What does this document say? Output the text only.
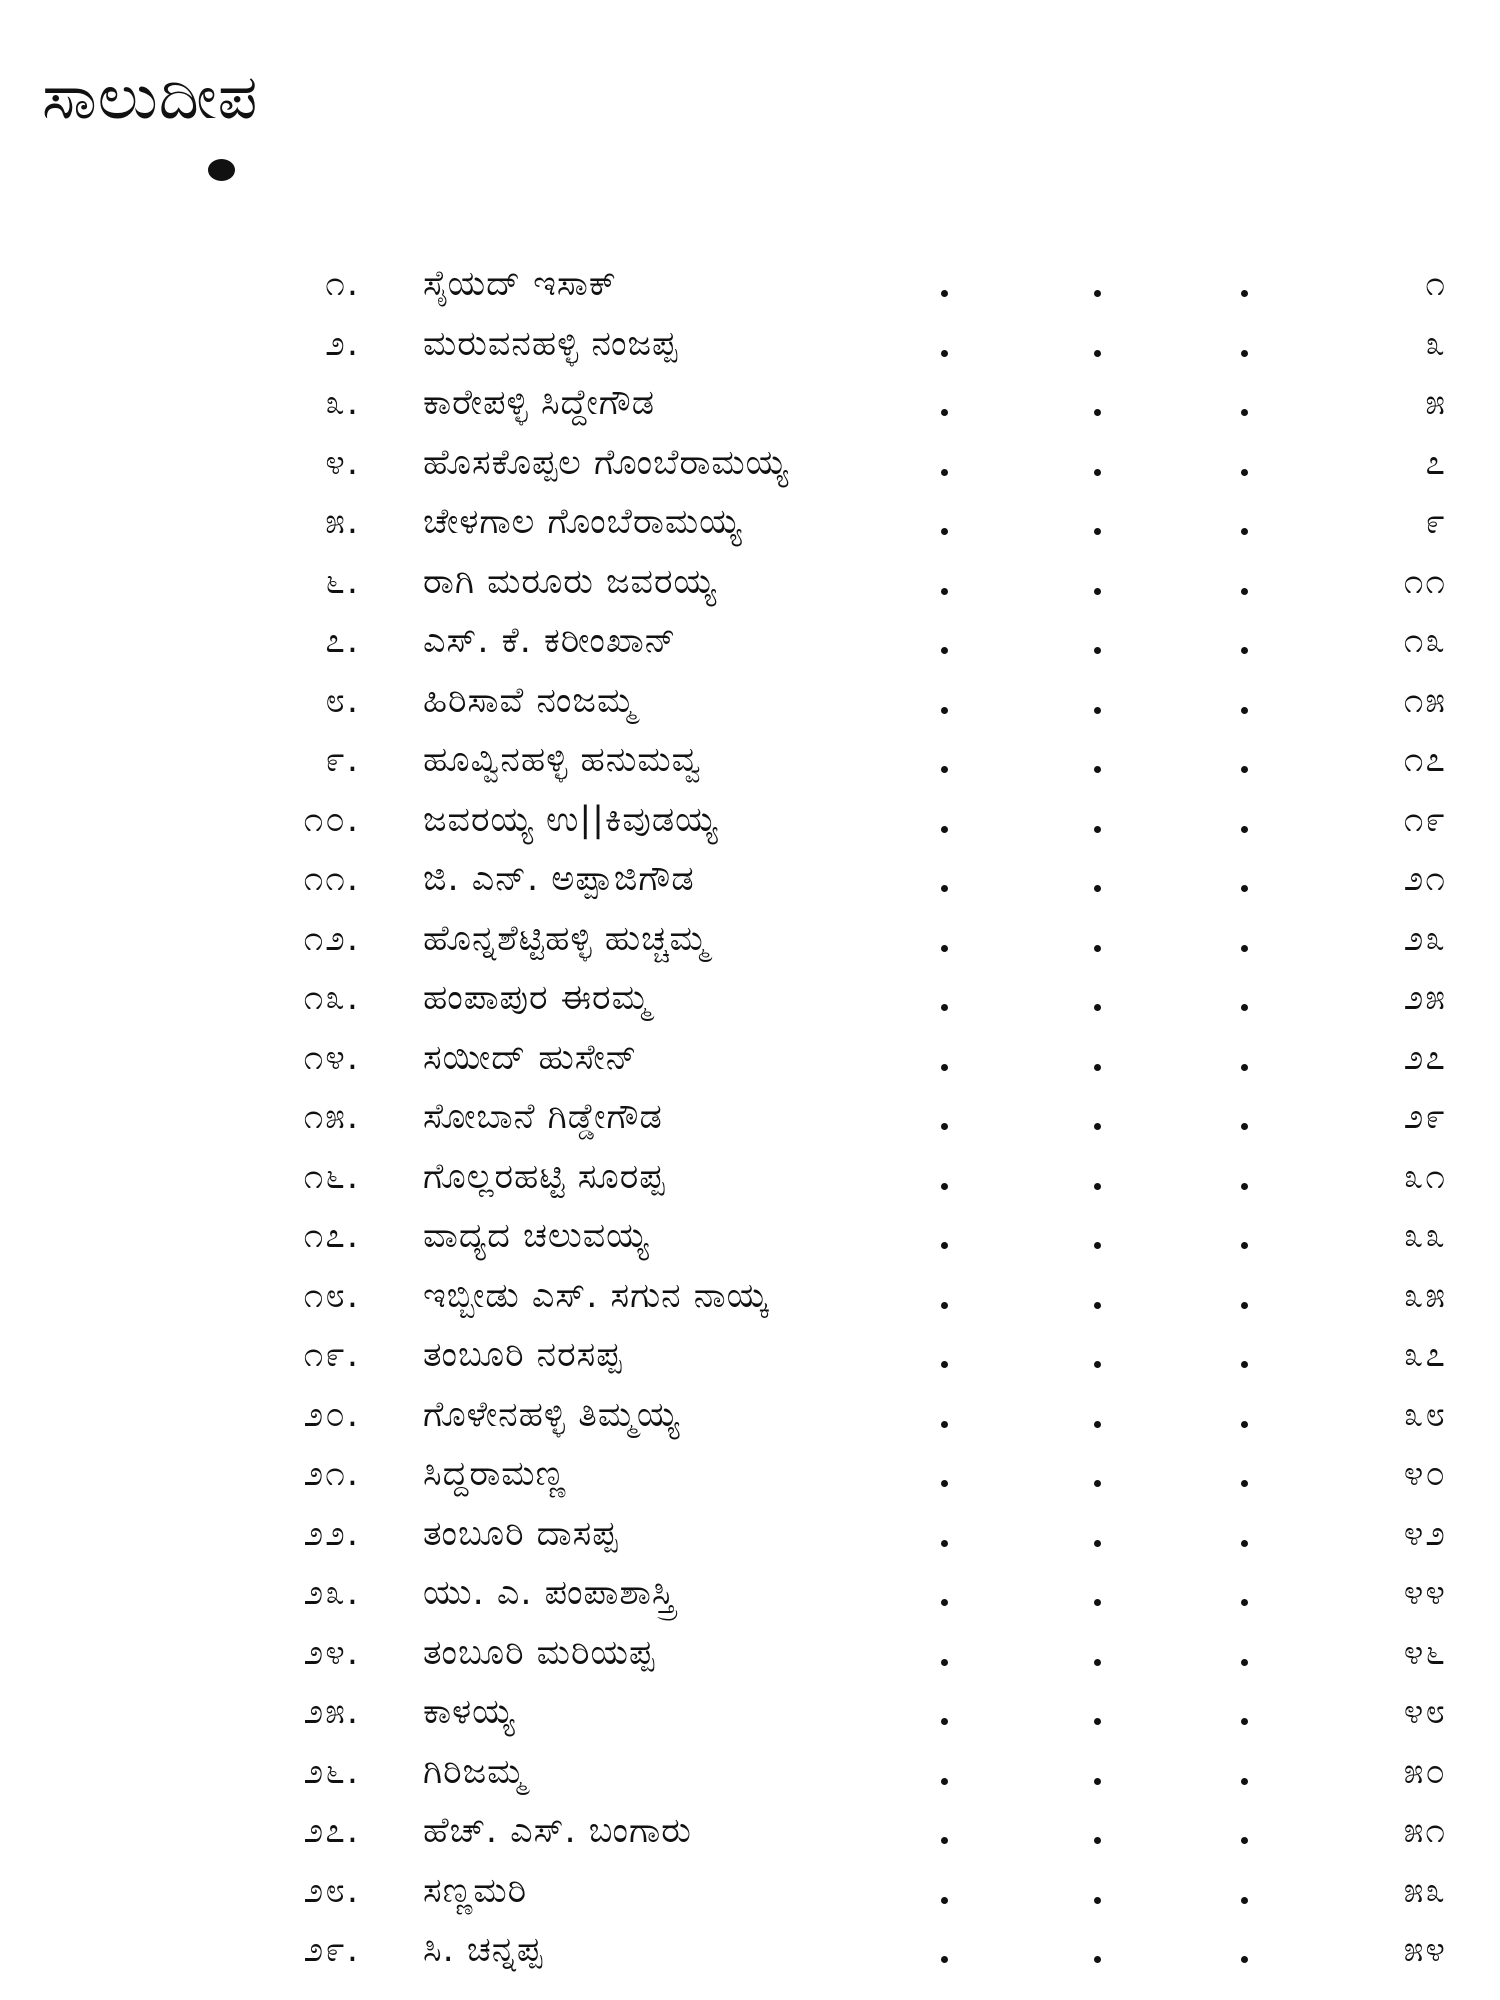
ಸಾಲುದೀಪ
೧. ಸೈಯದ್ ಇಸಾಕ್	೧
೨. ಮರುವನಹಳ್ಳಿ ನಂಜಪ್ಪ	೩
೩. ಕಾರೇಪಳ್ಳಿ ಸಿದ್ದೇಗೌಡ	೫
೪. ಹೊಸಕೊಪ್ಪಲ ಗೊಂಬೆರಾಮಯ್ಯ	೭
೫. ಚೇಳಗಾಲ ಗೊಂಬೆರಾಮಯ್ಯ	೯
೬. ರಾಗಿ ಮರೂರು ಜವರಯ್ಯ	೧೧
೭. ಎಸ್. ಕೆ. ಕರೀಂಖಾನ್	೧೩
೮. ಹಿರಿಸಾವೆ ನಂಜಮ್ಮ	೧೫
೯. ಹೂವ್ವಿನಹಳ್ಳಿ ಹನುಮವ್ವ	೧೭
೧೦. ಜವರಯ್ಯ ಉ||ಕಿವುಡಯ್ಯ	೧೯
೧೧. ಜಿ. ಎನ್. ಅಪ್ಪಾಜಿಗೌಡ	೨೧
೧೨. ಹೊನ್ನಶೆಟ್ಟಿಹಳ್ಳಿ ಹುಚ್ಚಮ್ಮ	೨೩
೧೩. ಹಂಪಾಪುರ ಈರಮ್ಮ	೨೫
೧೪. ಸಯೀದ್ ಹುಸೇನ್	೨೭
೧೫. ಸೋಬಾನೆ ಗಿಡ್ಡೇಗೌಡ	೨೯
೧೬. ಗೊಲ್ಲರಹಟ್ಟಿ ಸೂರಪ್ಪ	೩೧
೧೭. ವಾದ್ಯದ ಚಲುವಯ್ಯ	೩೩
೧೮. ಇಬ್ಬೀಡು ಎಸ್. ಸಗುನ ನಾಯ್ಕ	೩೫
೧೯. ತಂಬೂರಿ ನರಸಪ್ಪ	೩೭
೨೦. ಗೊಳೇನಹಳ್ಳಿ ತಿಮ್ಮಯ್ಯ	೩೮
೨೧. ಸಿದ್ದರಾಮಣ್ಣ	೪೦
೨೨. ತಂಬೂರಿ ದಾಸಪ್ಪ	೪೨
೨೩. ಯು. ಎ. ಪಂಪಾಶಾಸ್ತ್ರಿ	೪೪
೨೪. ತಂಬೂರಿ ಮರಿಯಪ್ಪ	೪೬
೨೫. ಕಾಳಯ್ಯ	೪೮
೨೬. ಗಿರಿಜಮ್ಮ	೫೦
೨೭. ಹೆಚ್. ಎಸ್. ಬಂಗಾರು	೫೧
೨೮. ಸಣ್ಣಮರಿ	೫೩
೨೯. ಸಿ. ಚನ್ನಪ್ಪ	೫೪
